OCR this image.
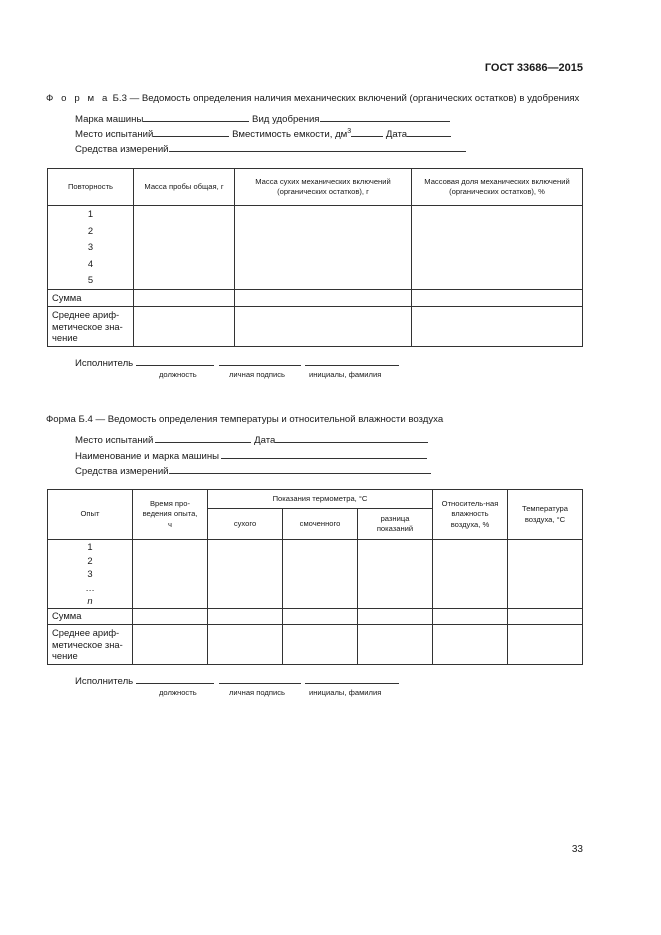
ГОСТ 33686—2015
Ф о р м а Б.3 — Ведомость определения наличия механических включений (органических остатков) в удобрениях
Марка машины	Вид удобрения
Место испытаний	Вместимость емкости, $дм^3$	Дата
Средства измерений
Повторность	Масса пробы общая, г	Масса сухих механических включений (органических остатков), г	Массовая доля механических включений (органических остатков), %

1
2
3
4
5			

Сумма			
Среднее ариф-метическое зна-чение			
Исполнитель
должность	личная подпись	инициалы, фамилия
Форма Б.4 — Ведомость определения температуры и относительной влажности воздуха
Место испытаний	Дата
Наименование и марка машины
Средства измерений
Опыт	Время про-ведения опыта, ч	Показания термометра, °С			Относитель-ная влажность воздуха, %	Температура воздуха, °С
		сухого	смоченного	разница показаний		

1
2
3
…
n						

Сумма						
Среднее ариф-метическое зна-чение						
Исполнитель
должность	личная подпись	инициалы, фамилия
33
